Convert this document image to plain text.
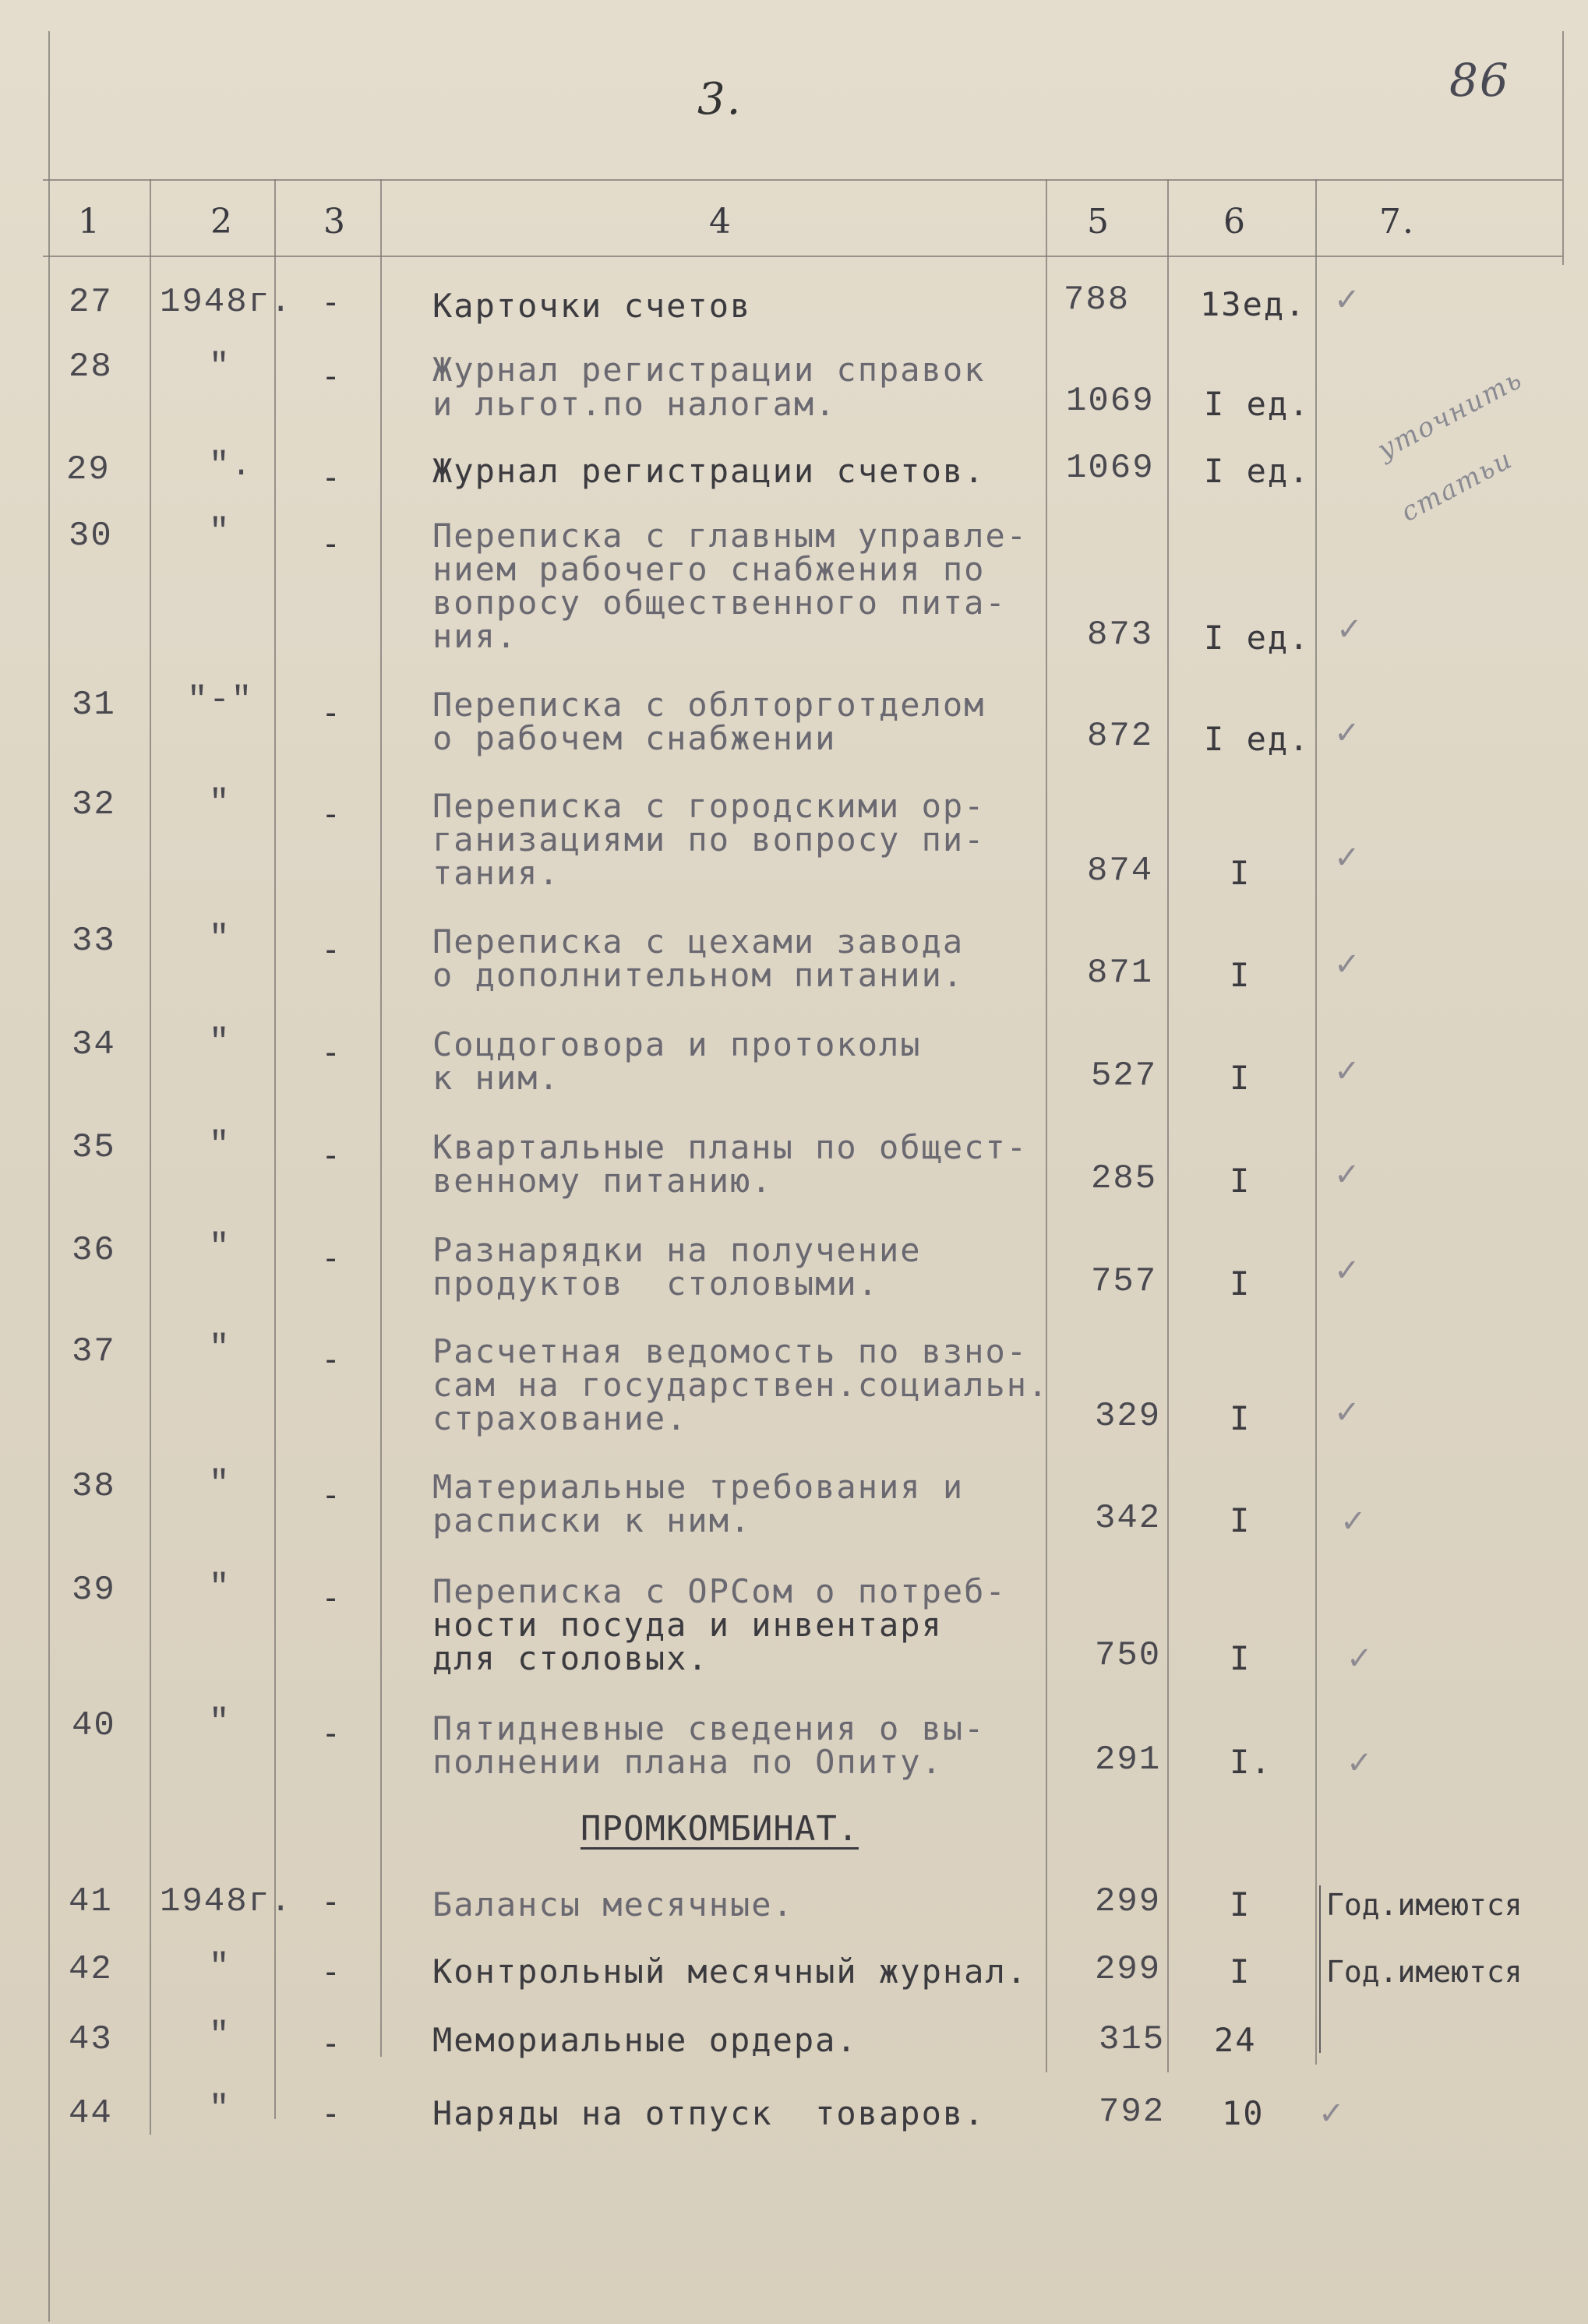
3.	86
1	2	3	4	5	6	7.
27 1948г. -	Карточки счетов	788 13ед. ✓
28	"	-	Журнал регистрации справок
и льгот.по налогам.	1069 I ед.
29	". -	Журнал регистрации счетов. 1069 I ед.
30	"	-	Переписка с главным управле-
нием рабочего снабжения по
вопросу общественного пита-
ния.	873 I ед. ✓
31 "-" -	Переписка с облторготделом
о рабочем снабжении	872 I ед. ✓
32	"	-	Переписка с городскими ор-
ганизациями по вопросу пи-
тания.	874 I	✓
33	"	-	Переписка с цехами завода
о дополнительном питании.	871 I	✓
34	"	-	Соцдоговора и протоколы
к ним.	527 I	✓
35	"	-	Квартальные планы по общест-
венному питанию.	285 I	✓
36	"	-	Разнарядки на получение
продуктов  столовыми.	757 I	✓
37	"	-	Расчетная ведомость по взно-
сам на государствен.социальн.
страхование.	329 I	✓
38	"	-	Материальные требования и
расписки к ним.	342 I	✓
39	"	-	Переписка с ОРСом о потреб-
ности посуда и инвентаря
для столовых.	750 I	✓
40	"	-	Пятидневные сведения о вы-
полнении плана по Опиту.	291 I. ✓
ПРОМКОМБИНАТ.
41 1948г. -	Балансы месячные.	299 I	Год.имеются
42	"	-	Контрольный месячный журнал. 299 I	Год.имеются
43	"	-	Мемориальные ордера.	315 24
44	"	-	Наряды на отпуск  товаров.	792 10 ✓
уточнить
статьи
